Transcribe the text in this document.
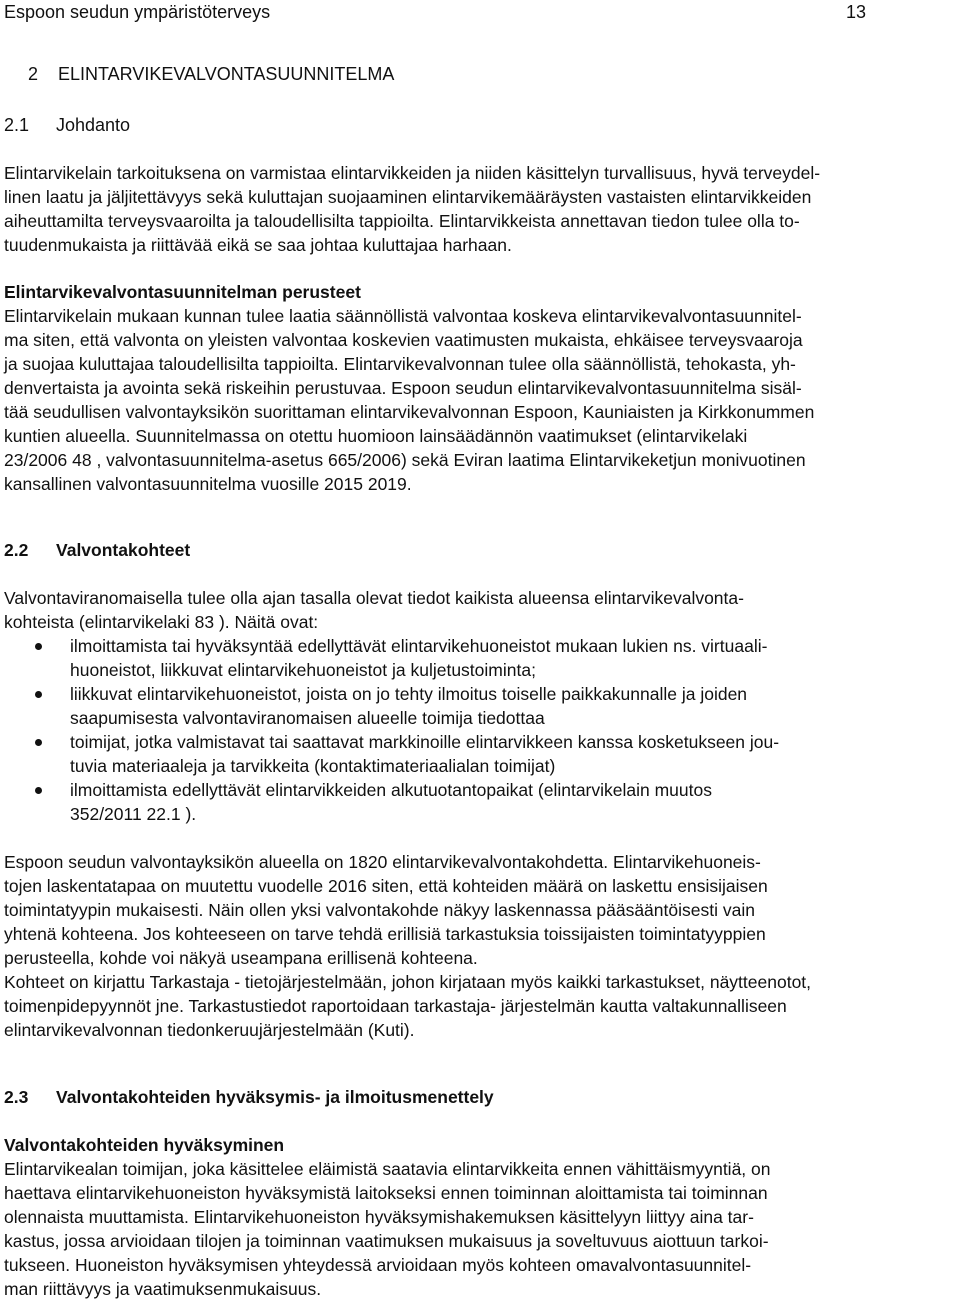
Espoon seudun ympäristöterveys	13
2 ELINTARVIKEVALVONTASUUNNITELMA
2.1 Johdanto

Elintarvikelain tarkoituksena on varmistaa elintarvikkeiden ja niiden käsittelyn turvallisuus, hyvä terveydel-

linen laatu ja jäljitettävyys sekä kuluttajan suojaaminen elintarvikemääräysten vastaisten elintarvikkeiden

aiheuttamilta terveysvaaroilta ja taloudellisilta tappioilta. Elintarvikkeista annettavan tiedon tulee olla to-

tuudenmukaista ja riittävää eikä se saa johtaa kuluttajaa harhaan.

Elintarvikevalvontasuunnitelman perusteet

Elintarvikelain mukaan kunnan tulee laatia säännöllistä valvontaa koskeva elintarvikevalvontasuunnitel-

ma siten, että valvonta on yleisten valvontaa koskevien vaatimusten mukaista, ehkäisee terveysvaaroja

ja suojaa kuluttajaa taloudellisilta tappioilta. Elintarvikevalvonnan tulee olla säännöllistä, tehokasta, yh-

denvertaista ja avointa sekä riskeihin perustuvaa. Espoon seudun elintarvikevalvontasuunnitelma sisäl-

tää seudullisen valvontayksikön suorittaman elintarvikevalvonnan Espoon, Kauniaisten ja Kirkkonummen

kuntien alueella. Suunnitelmassa on otettu huomioon lainsäädännön vaatimukset (elintarvikelaki

23/2006 48 , valvontasuunnitelma-asetus 665/2006) sekä Eviran laatima Elintarvikeketjun monivuotinen

kansallinen valvontasuunnitelma vuosille 2015 2019.

2.2 Valvontakohteet

Valvontaviranomaisella tulee olla ajan tasalla olevat tiedot kaikista alueensa elintarvikevalvonta-

kohteista (elintarvikelaki 83 ). Näitä ovat:

ilmoittamista tai hyväksyntää edellyttävät elintarvikehuoneistot mukaan lukien ns. virtuaali-

huoneistot, liikkuvat elintarvikehuoneistot ja kuljetustoiminta;

liikkuvat elintarvikehuoneistot, joista on jo tehty ilmoitus toiselle paikkakunnalle ja joiden

saapumisesta valvontaviranomaisen alueelle toimija tiedottaa

toimijat, jotka valmistavat tai saattavat markkinoille elintarvikkeen kanssa kosketukseen jou-

tuvia materiaaleja ja tarvikkeita (kontaktimateriaalialan toimijat)

ilmoittamista edellyttävät elintarvikkeiden alkutuotantopaikat (elintarvikelain muutos

352/2011 22.1 ).

Espoon seudun valvontayksikön alueella on 1820 elintarvikevalvontakohdetta. Elintarvikehuoneis-

tojen laskentatapaa on muutettu vuodelle 2016 siten, että kohteiden määrä on laskettu ensisijaisen

toimintatyypin mukaisesti. Näin ollen yksi valvontakohde näkyy laskennassa pääsääntöisesti vain

yhtenä kohteena. Jos kohteeseen on tarve tehdä erillisiä tarkastuksia toissijaisten toimintatyyppien

perusteella, kohde voi näkyä useampana erillisenä kohteena.

Kohteet on kirjattu Tarkastaja - tietojärjestelmään, johon kirjataan myös kaikki tarkastukset, näytteenotot,

toimenpidepyynnöt jne. Tarkastustiedot raportoidaan tarkastaja- järjestelmän kautta valtakunnalliseen

elintarvikevalvonnan tiedonkeruujärjestelmään (Kuti).

2.3 Valvontakohteiden hyväksymis- ja ilmoitusmenettely

Valvontakohteiden hyväksyminen

Elintarvikealan toimijan, joka käsittelee eläimistä saatavia elintarvikkeita ennen vähittäismyyntiä, on

haettava elintarvikehuoneiston hyväksymistä laitokseksi ennen toiminnan aloittamista tai toiminnan

olennaista muuttamista. Elintarvikehuoneiston hyväksymishakemuksen käsittelyyn liittyy aina tar-

kastus, jossa arvioidaan tilojen ja toiminnan vaatimuksen mukaisuus ja soveltuvuus aiottuun tarkoi-

tukseen. Huoneiston hyväksymisen yhteydessä arvioidaan myös kohteen omavalvontasuunnitel-

man riittävyys ja vaatimuksenmukaisuus.
